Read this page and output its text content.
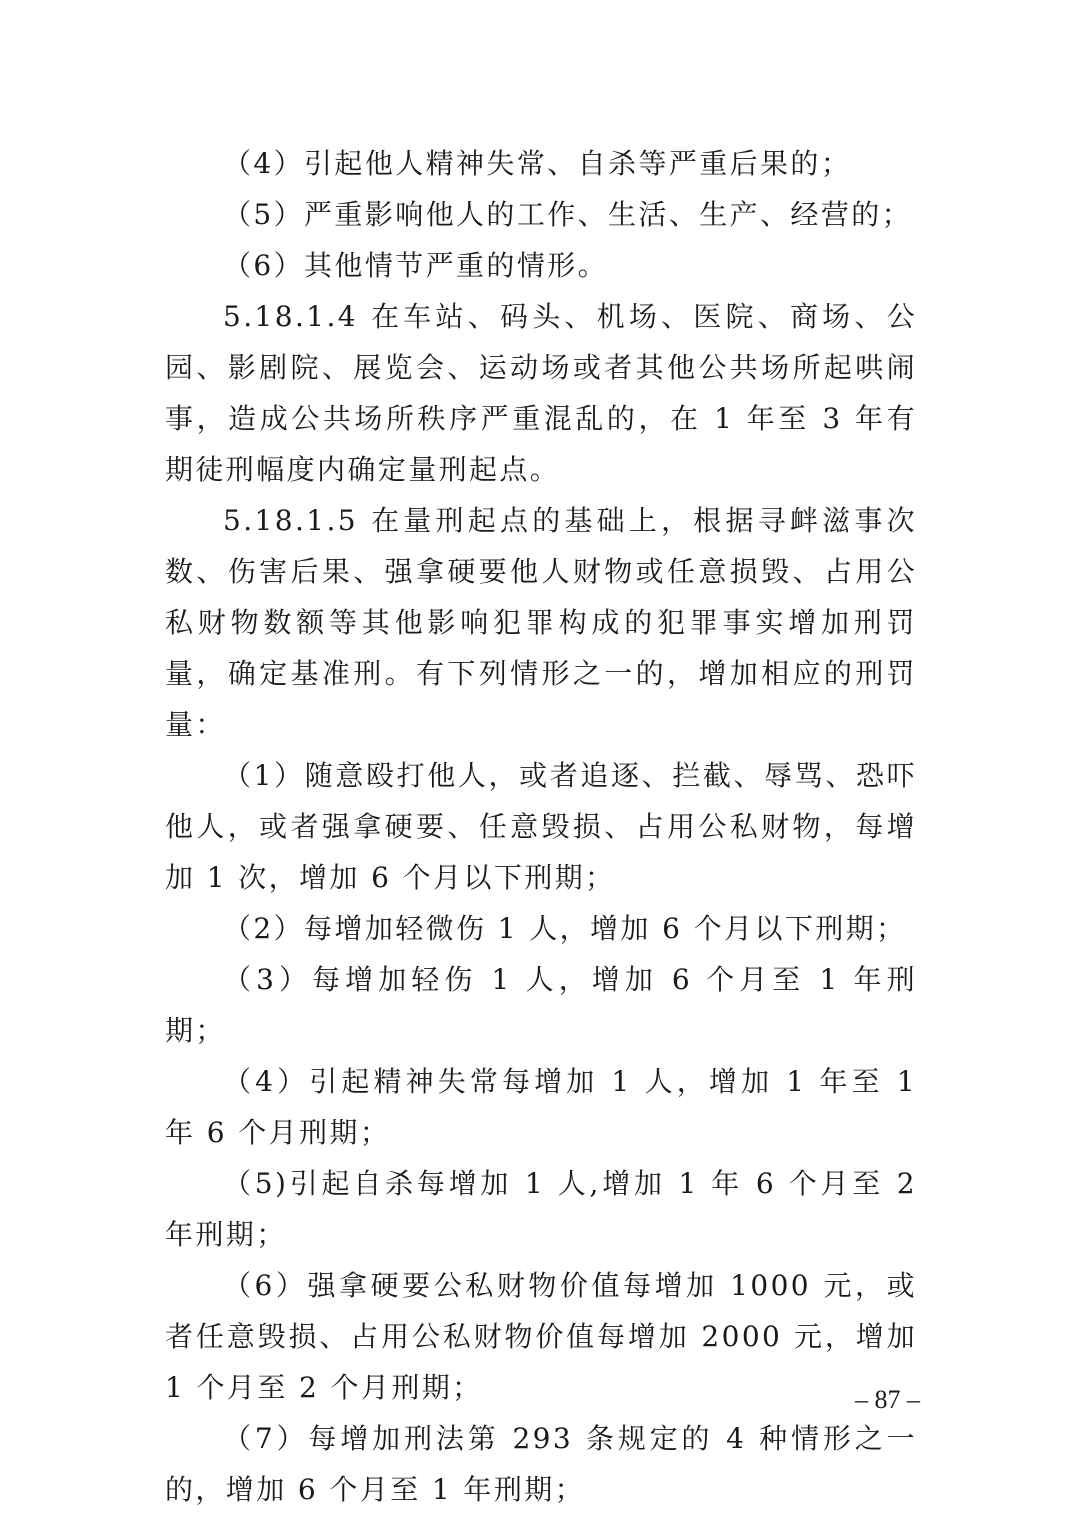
（4）引起他人精神失常、自杀等严重后果的；

（5）严重影响他人的工作、生活、生产、经营的；

（6）其他情节严重的情形。

5.18.1.4 在车站、码头、机场、医院、商场、公园、影剧院、展览会、运动场或者其他公共场所起哄闹事，造成公共场所秩序严重混乱的，在 1 年至 3 年有期徒刑幅度内确定量刑起点。

5.18.1.5 在量刑起点的基础上，根据寻衅滋事次数、伤害后果、强拿硬要他人财物或任意损毁、占用公私财物数额等其他影响犯罪构成的犯罪事实增加刑罚量，确定基准刑。有下列情形之一的，增加相应的刑罚量：

（1）随意殴打他人，或者追逐、拦截、辱骂、恐吓他人，或者强拿硬要、任意毁损、占用公私财物，每增加 1 次，增加 6 个月以下刑期；

（2）每增加轻微伤 1 人，增加 6 个月以下刑期；

（3）每增加轻伤 1 人，增加 6 个月至 1 年刑期；

（4）引起精神失常每增加 1 人，增加 1 年至 1 年 6 个月刑期；

（5)引起自杀每增加 1 人,增加 1 年 6 个月至 2 年刑期；

（6）强拿硬要公私财物价值每增加 1000 元，或者任意毁损、占用公私财物价值每增加 2000 元，增加 1 个月至 2 个月刑期；

（7）每增加刑法第 293 条规定的 4 种情形之一的，增加 6 个月至 1 年刑期；

– 87 –
